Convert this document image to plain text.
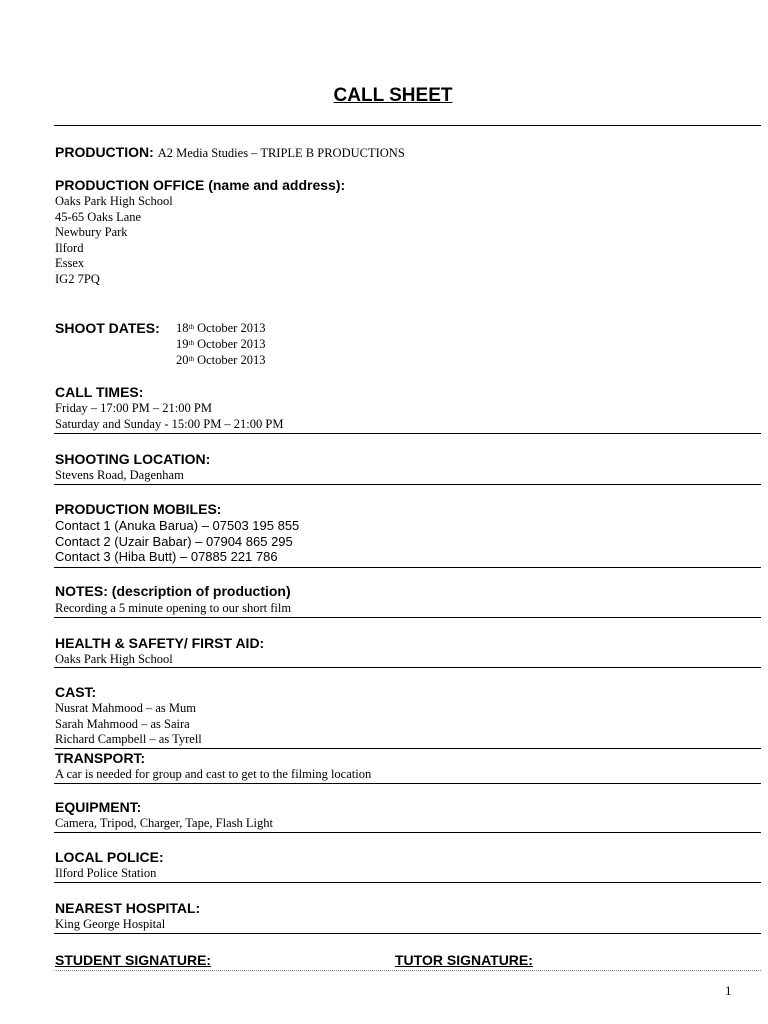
CALL SHEET
PRODUCTION: A2 Media Studies – TRIPLE B PRODUCTIONS
PRODUCTION OFFICE (name and address):
Oaks Park High School
45-65 Oaks Lane
Newbury Park
Ilford
Essex
IG2 7PQ
SHOOT DATES: 18th October 2013
19th October 2013
20th October 2013
CALL TIMES:
Friday – 17:00 PM – 21:00 PM
Saturday and Sunday - 15:00 PM – 21:00 PM
SHOOTING LOCATION:
Stevens Road, Dagenham
PRODUCTION MOBILES:
Contact 1 (Anuka Barua) – 07503 195 855
Contact 2 (Uzair Babar) – 07904 865 295
Contact 3 (Hiba Butt) – 07885 221 786
NOTES: (description of production)
Recording a 5 minute opening to our short film
HEALTH & SAFETY/ FIRST AID:
Oaks Park High School
CAST:
Nusrat Mahmood – as Mum
Sarah Mahmood – as Saira
Richard Campbell – as Tyrell
TRANSPORT:
A car is needed for group and cast to get to the filming location
EQUIPMENT:
Camera, Tripod, Charger, Tape, Flash Light
LOCAL POLICE:
Ilford Police Station
NEAREST HOSPITAL:
King George Hospital
STUDENT SIGNATURE:	TUTOR SIGNATURE:
1
